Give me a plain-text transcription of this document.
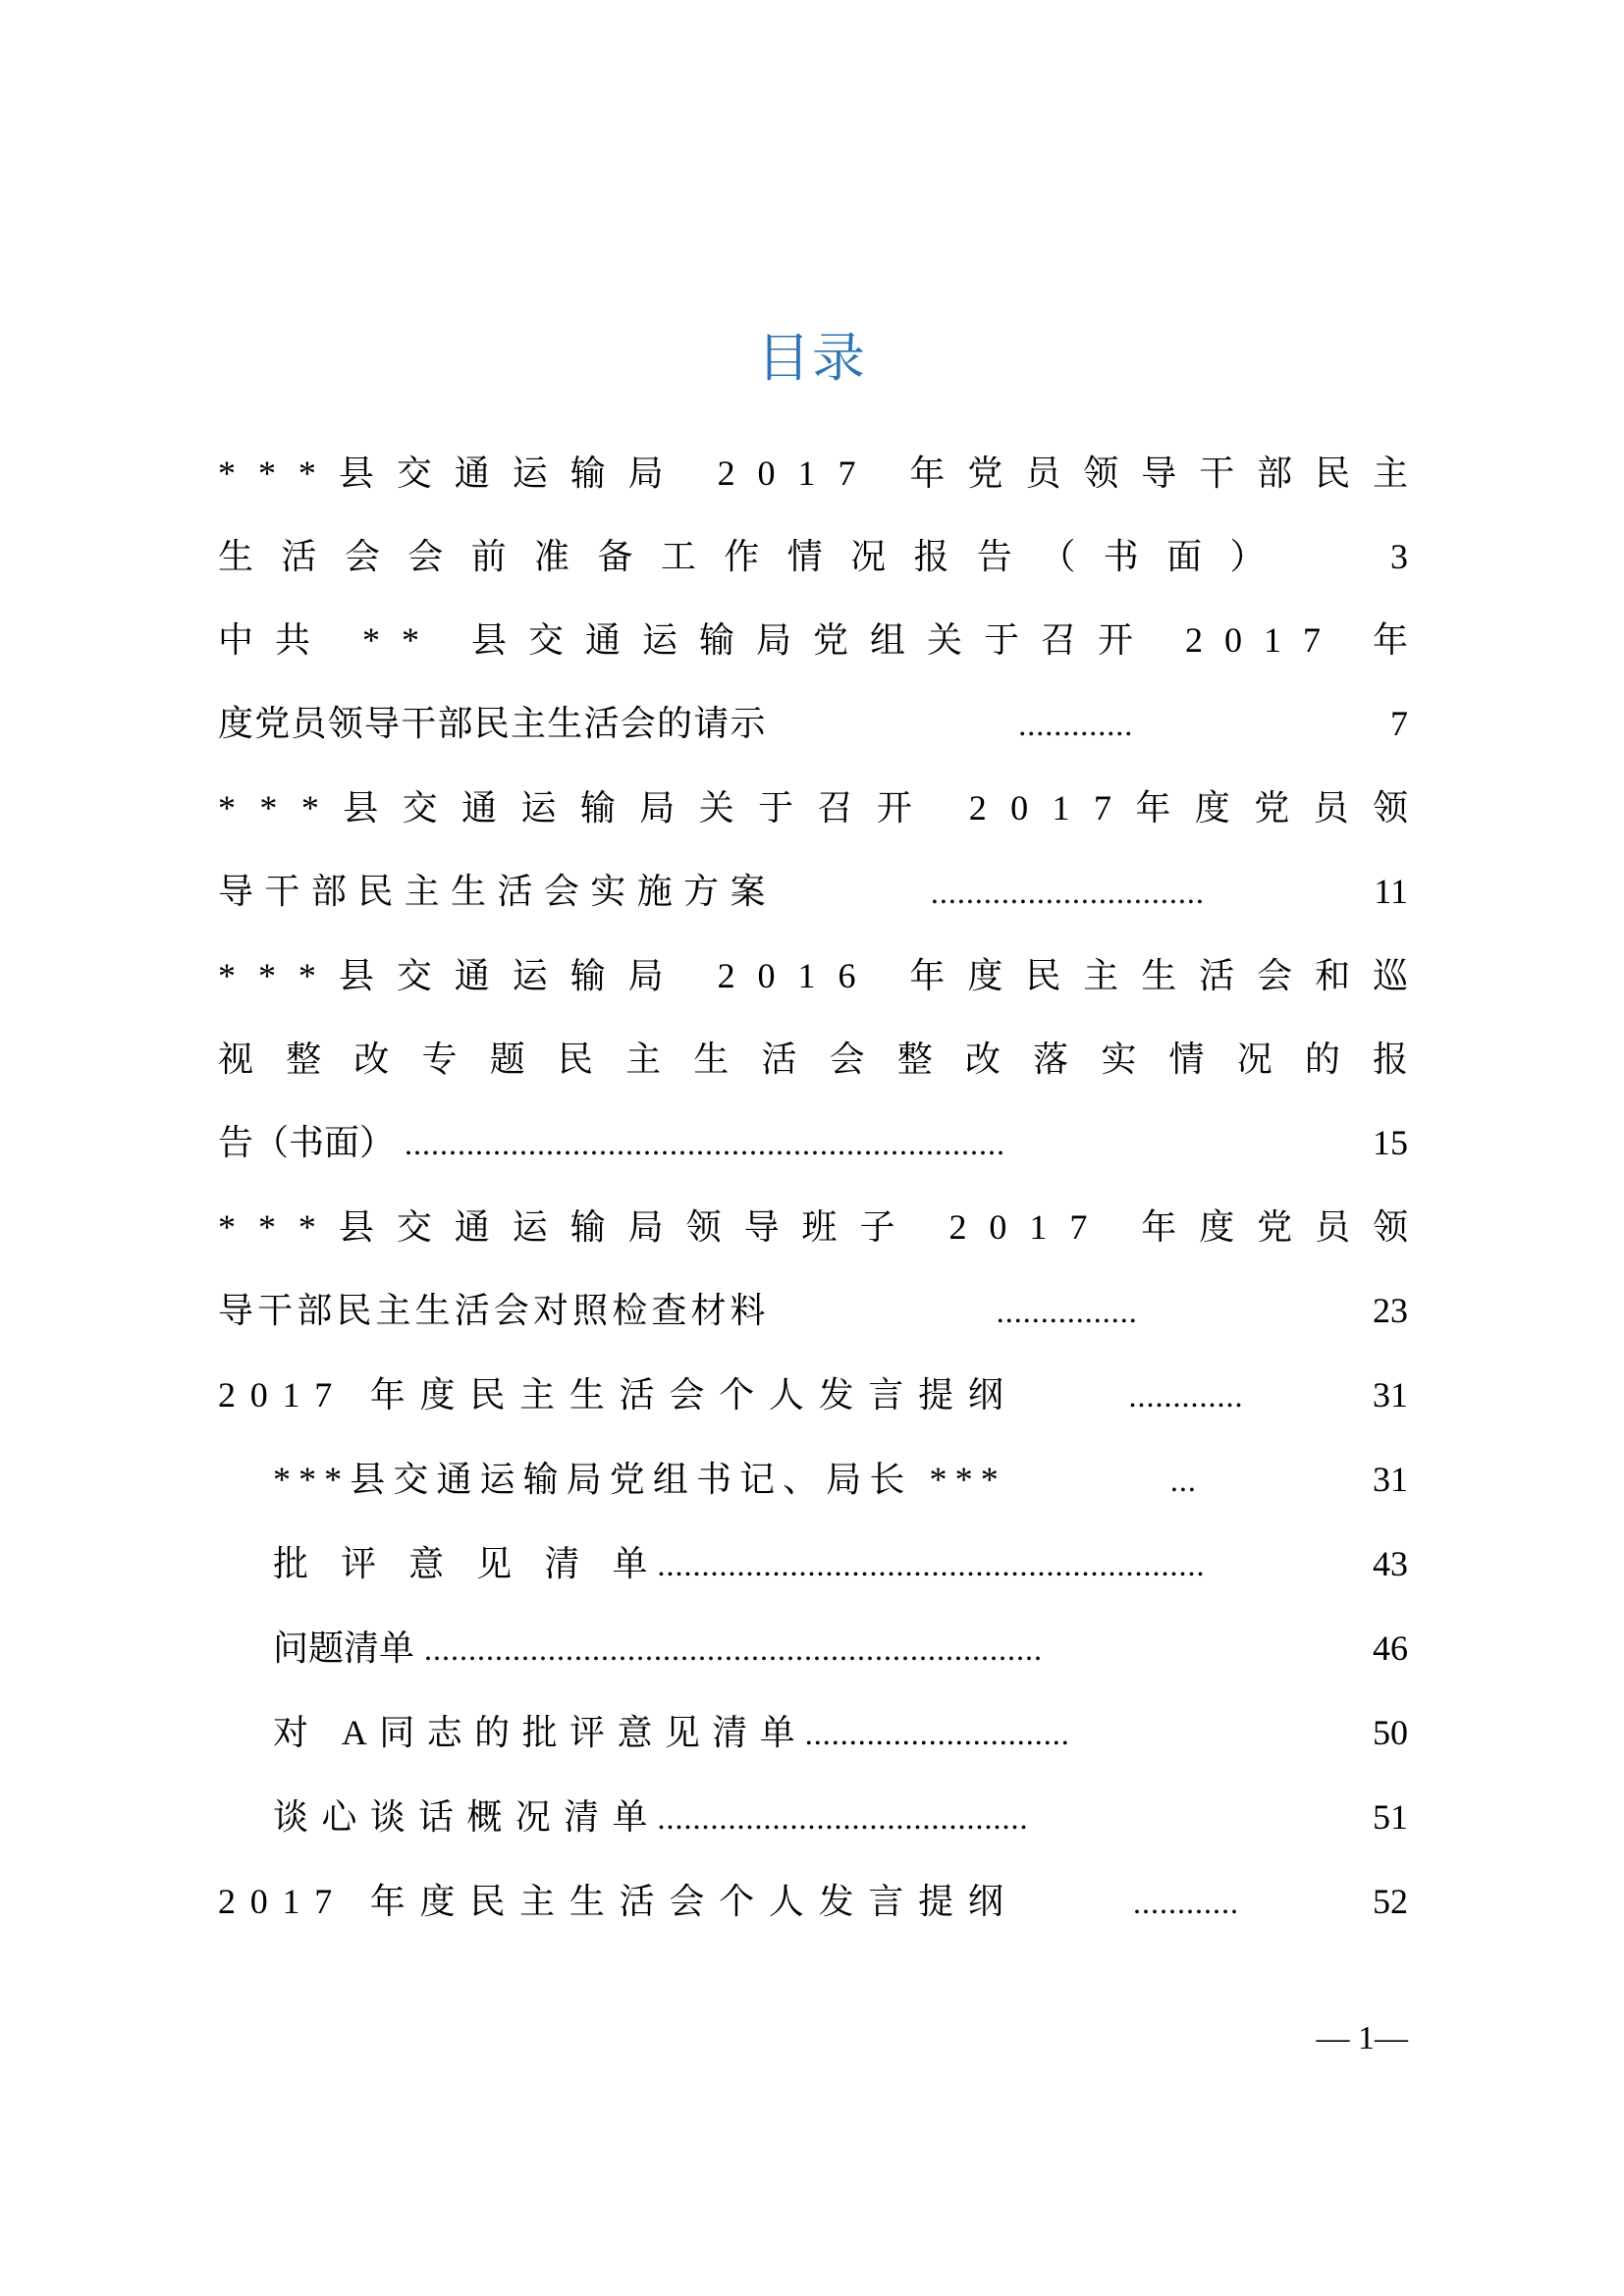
目录
***县交通运输局 2017 年党员领导干部民主
生活会会前准备工作情况报告（书面）	3
中共 ** 县交通运输局党组关于召开 2017 年
度党员领导干部民主生活会的请示	.............	7
***县交通运输局关于召开 2017年度党员领
导干部民主生活会实施方案	...............................	11
***县交通运输局 2016 年度民主生活会和巡
视整改专题民主生活会整改落实情况的报
告（书面） ....................................................................	15
***县交通运输局领导班子 2017 年度党员领
导干部民主生活会对照检查材料	................	23
2017 年度民主生活会个人发言提纲	.............	31
***县交通运输局党组书记、局长 ***	...	31
批评意见清单
..............................................................	43
问题清单 ......................................................................	46
对 A同志的批评意见清单
..............................	50
谈心谈话概况清单
..........................................	51
2017 年度民主生活会个人发言提纲	............	52
— 1—
